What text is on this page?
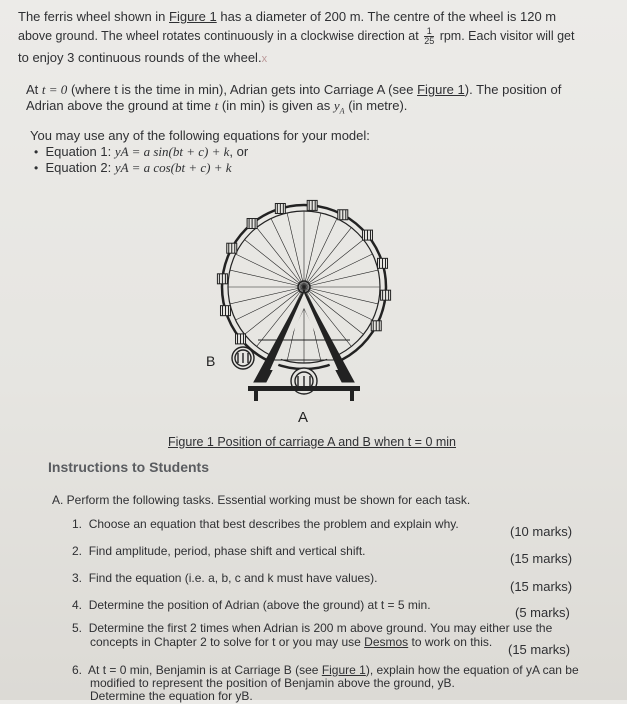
The ferris wheel shown in Figure 1 has a diameter of 200 m. The centre of the wheel is 120 m
above ground. The wheel rotates continuously in a clockwise direction at $\frac{1}{25}$ rpm. Each visitor will get
to enjoy 3 continuous rounds of the wheel.x
At t = 0 (where t is the time in min), Adrian gets into Carriage A (see Figure 1). The position of
Adrian above the ground at time t (in min) is given as $y_A$ (in metre).
You may use any of the following equations for your model:
• Equation 1: yA = a sin(bt + c) + k, or
• Equation 2: yA = a cos(bt + c) + k
B
A
Figure 1 Position of carriage A and B when t = 0 min
Instructions to Students
A. Perform the following tasks. Essential working must be shown for each task.
1. Choose an equation that best describes the problem and explain why.	(10 marks)
2. Find amplitude, period, phase shift and vertical shift.	(15 marks)
3. Find the equation (i.e. a, b, c and k must have values).
(15 marks)
4. Determine the position of Adrian (above the ground) at t = 5 min.	(5 marks)
5. Determine the first 2 times when Adrian is 200 m above ground. You may either use the
concepts in Chapter 2 to solve for t or you may use Desmos to work on this. (15 marks)
6. At t = 0 min, Benjamin is at Carriage B (see Figure 1), explain how the equation of yA can be
modified to represent the position of Benjamin above the ground, yB.
Determine the equation for yB.
